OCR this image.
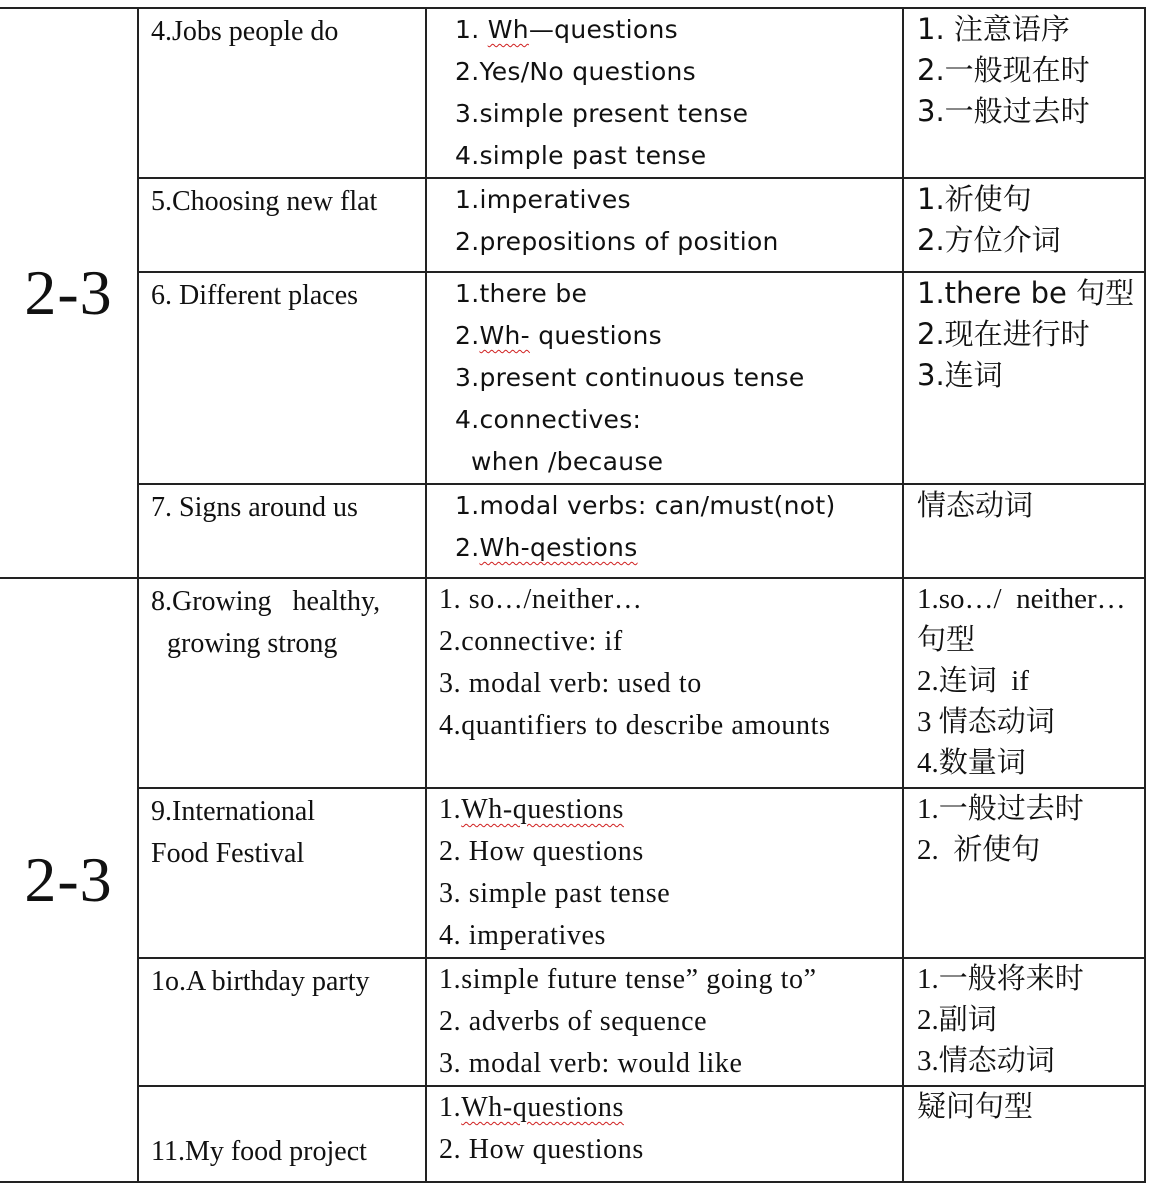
2-3	4.Jobs people do	1. Wh—questions
2.Yes/No questions
3.simple present tense
4.simple past tense	1. 注意语序
2.一般现在时
3.一般过去时

	5.Choosing new flat	1.imperatives
2.prepositions of position	1.祈使句
2.方位介词

	6. Different places	1.there be
2.Wh- questions
3.present continuous tense
4.connectives:
when /because	1.there be 句型
2.现在进行时
3.连词

	7. Signs around us	1.modal verbs: can/must(not)
2.Wh-qestions	情态动词

2-3	8.Growing   healthy,
growing strong	1. so…/neither…
2.connective: if
3. modal verb: used to
4.quantifiers to describe amounts	1.so…/  neither…
句型
2.连词  if
3 情态动词
4.数量词

	9.International
Food Festival	1.Wh-questions
2. How questions
3. simple past tense
4. imperatives	1.一般过去时
2.  祈使句

	1o.A birthday party	1.simple future tense” going to”
2. adverbs of sequence
3. modal verb: would like	1.一般将来时
2.副词
3.情态动词

	11.My food project	1.Wh-questions
2. How questions	疑问句型
